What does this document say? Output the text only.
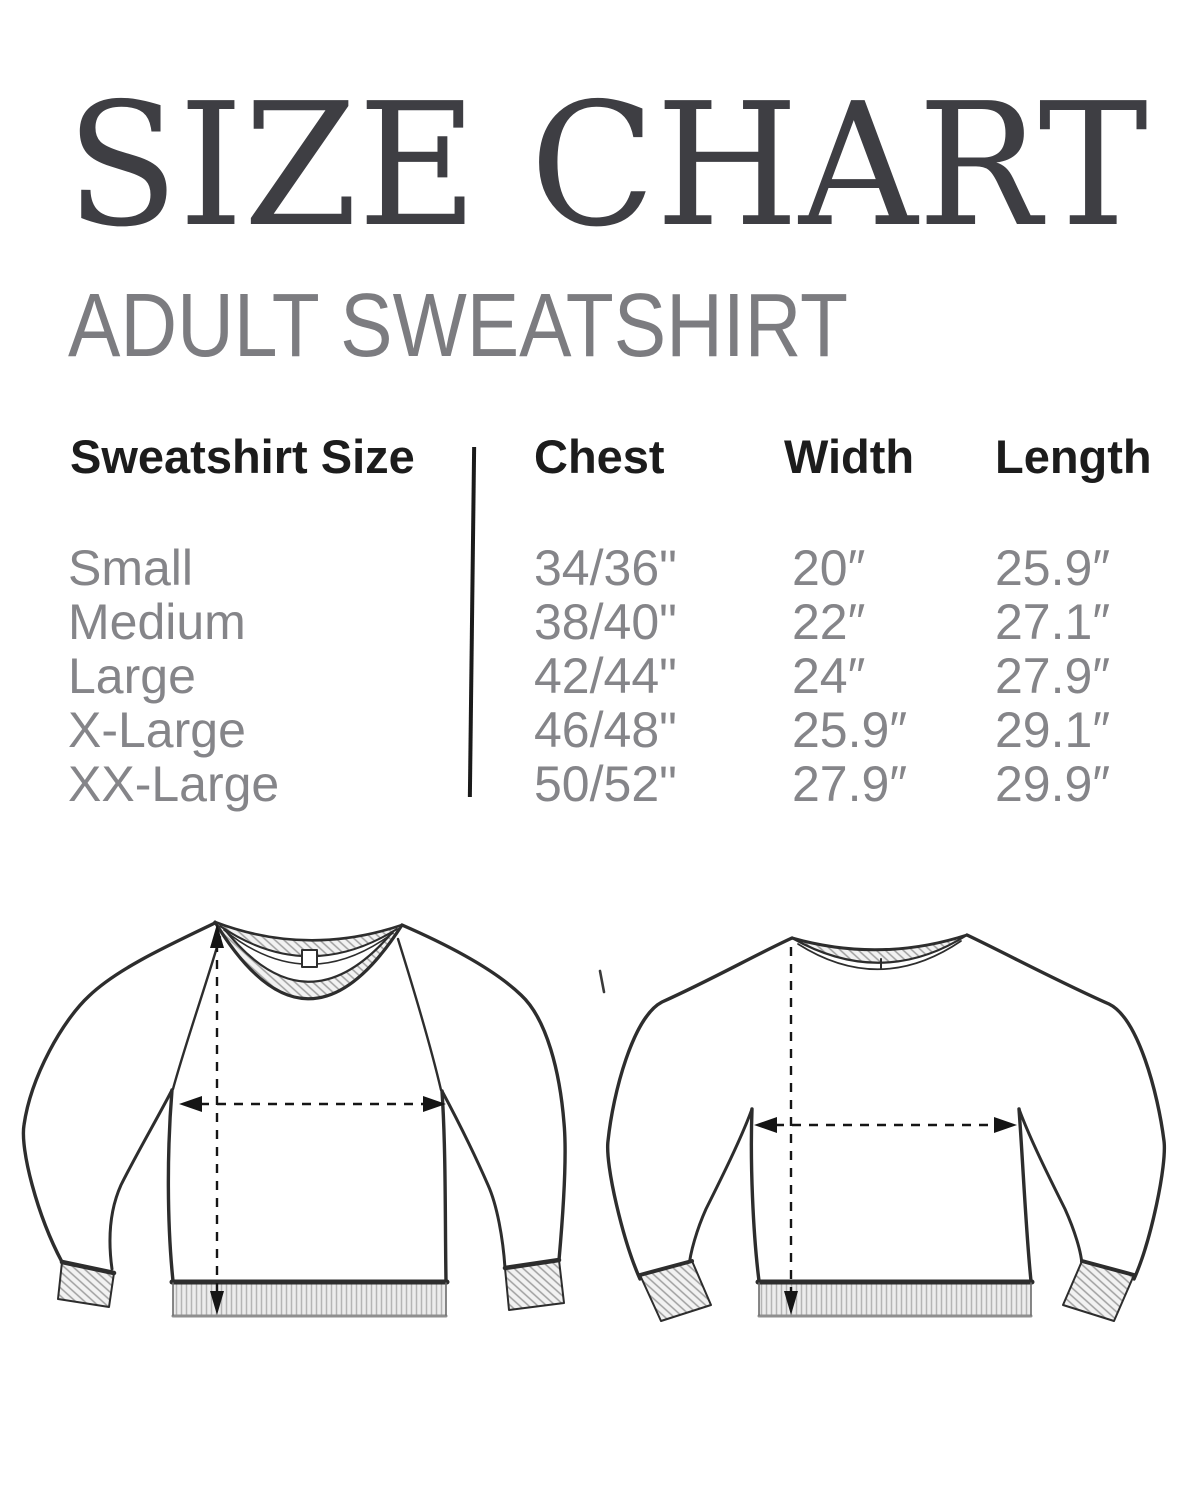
SIZE CHART
ADULT SWEATSHIRT
Sweatshirt Size	Chest	Width Length
Small	34/36" 20″	25.9″
Medium	38/40" 22″	27.1″
Large	42/44" 24″	27.9″
X-Large	46/48" 25.9″ 29.1″
XX-Large	50/52" 27.9″ 29.9″
